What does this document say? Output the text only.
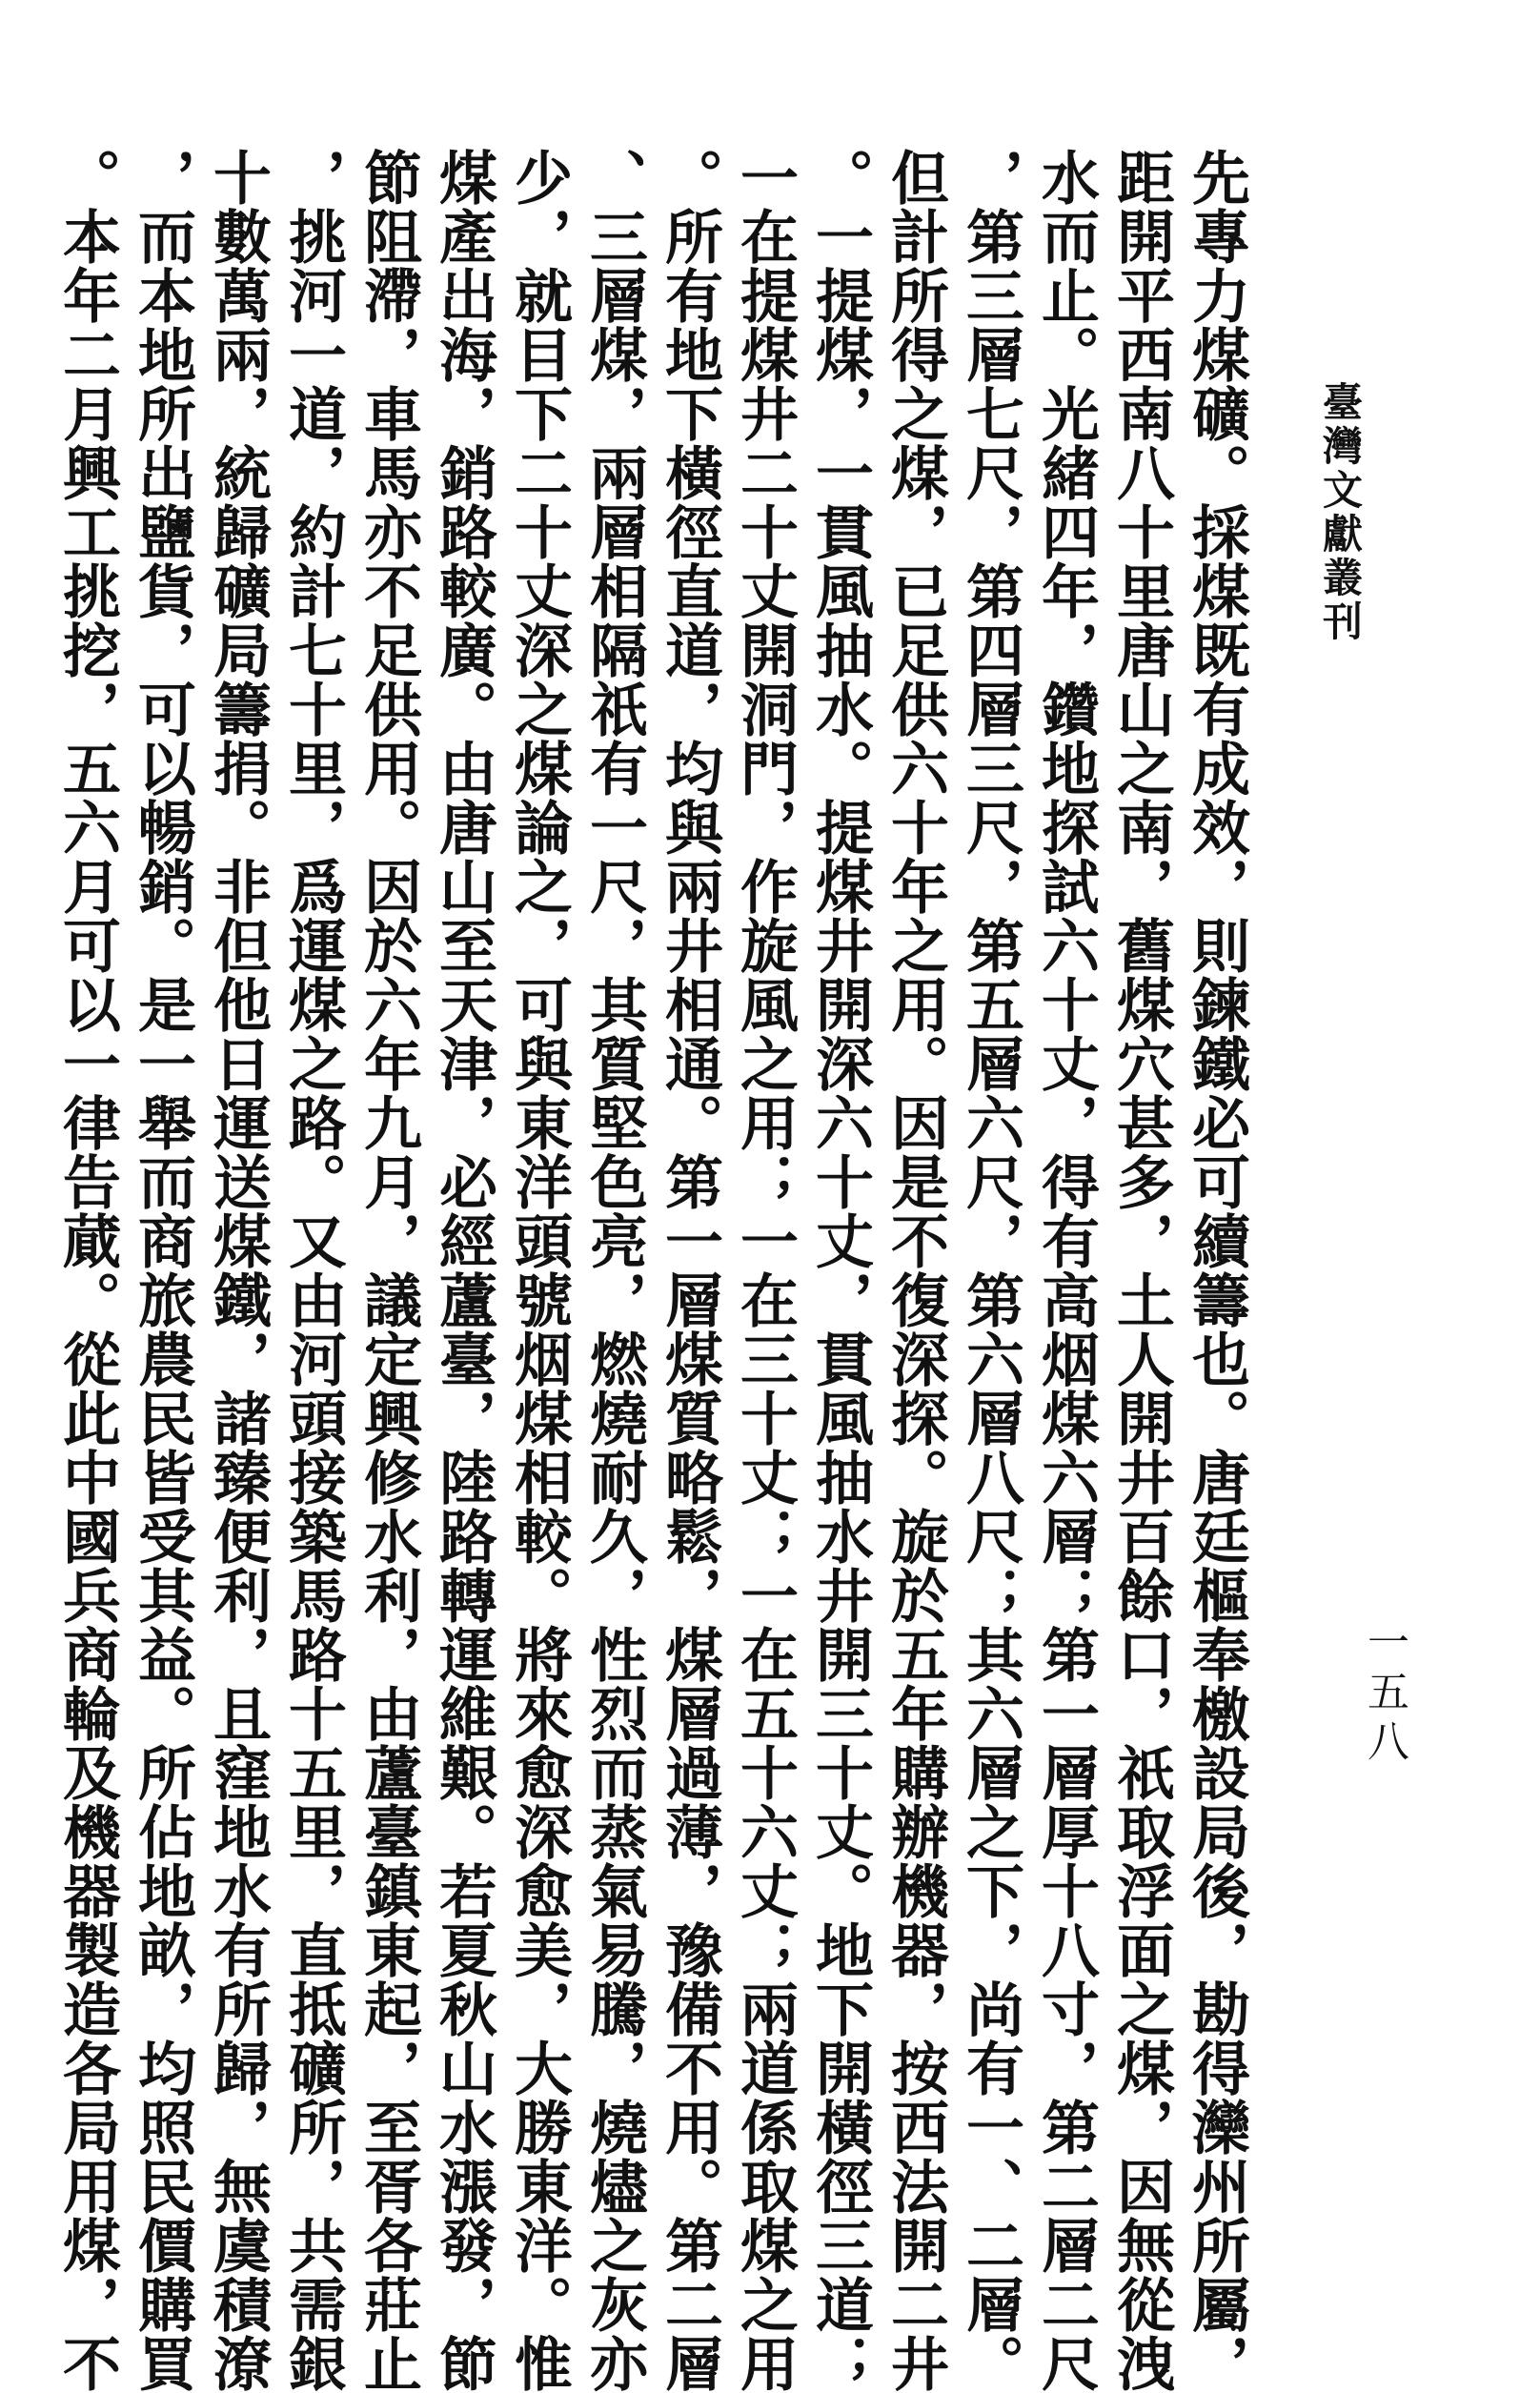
臺灣文獻叢刊
一五八
先專力煤礦。採煤既有成效，則鍊鐵必可續籌也。唐廷樞奉檄設局後，勘得灤州所屬，
距開平西南八十里唐山之南，舊煤穴甚多，土人開井百餘口，祇取浮面之煤，因無從洩
水而止。光緒四年，鑽地探試六十丈，得有高烟煤六層；第一層厚十八寸，第二層二尺
，第三層七尺，第四層三尺，第五層六尺，第六層八尺；其六層之下，尚有一、二層。
但計所得之煤，已足供六十年之用。因是不復深探。旋於五年購辦機器，按西法開二井
。一提煤，一貫風抽水。提煤井開深六十丈，貫風抽水井開三十丈。地下開橫徑三道；
一在提煤井二十丈開洞門，作旋風之用；一在三十丈；一在五十六丈；兩道係取煤之用
。所有地下橫徑直道，均與兩井相通。第一層煤質略鬆，煤層過薄，豫備不用。第二層
、三層煤，兩層相隔祇有一尺，其質堅色亮，燃燒耐久，性烈而蒸氣易騰，燒燼之灰亦
少，就目下二十丈深之煤論之，可與東洋頭號烟煤相較。將來愈深愈美，大勝東洋。惟
煤產出海，銷路較廣。由唐山至天津，必經蘆臺，陸路轉運維艱。若夏秋山水漲發，節
節阻滯，車馬亦不足供用。因於六年九月，議定興修水利，由蘆臺鎮東起，至胥各莊止
，挑河一道，約計七十里，爲運煤之路。又由河頭接築馬路十五里，直抵礦所，共需銀
十數萬兩，統歸礦局籌捐。非但他日運送煤鐵，諸臻便利，且窪地水有所歸，無虞積潦
，而本地所出鹽貨，可以暢銷。是一舉而商旅農民皆受其益。所佔地畝，均照民價購買
。本年二月興工挑挖，五六月可以一律告蕆。從此中國兵商輪及機器製造各局用煤，不
